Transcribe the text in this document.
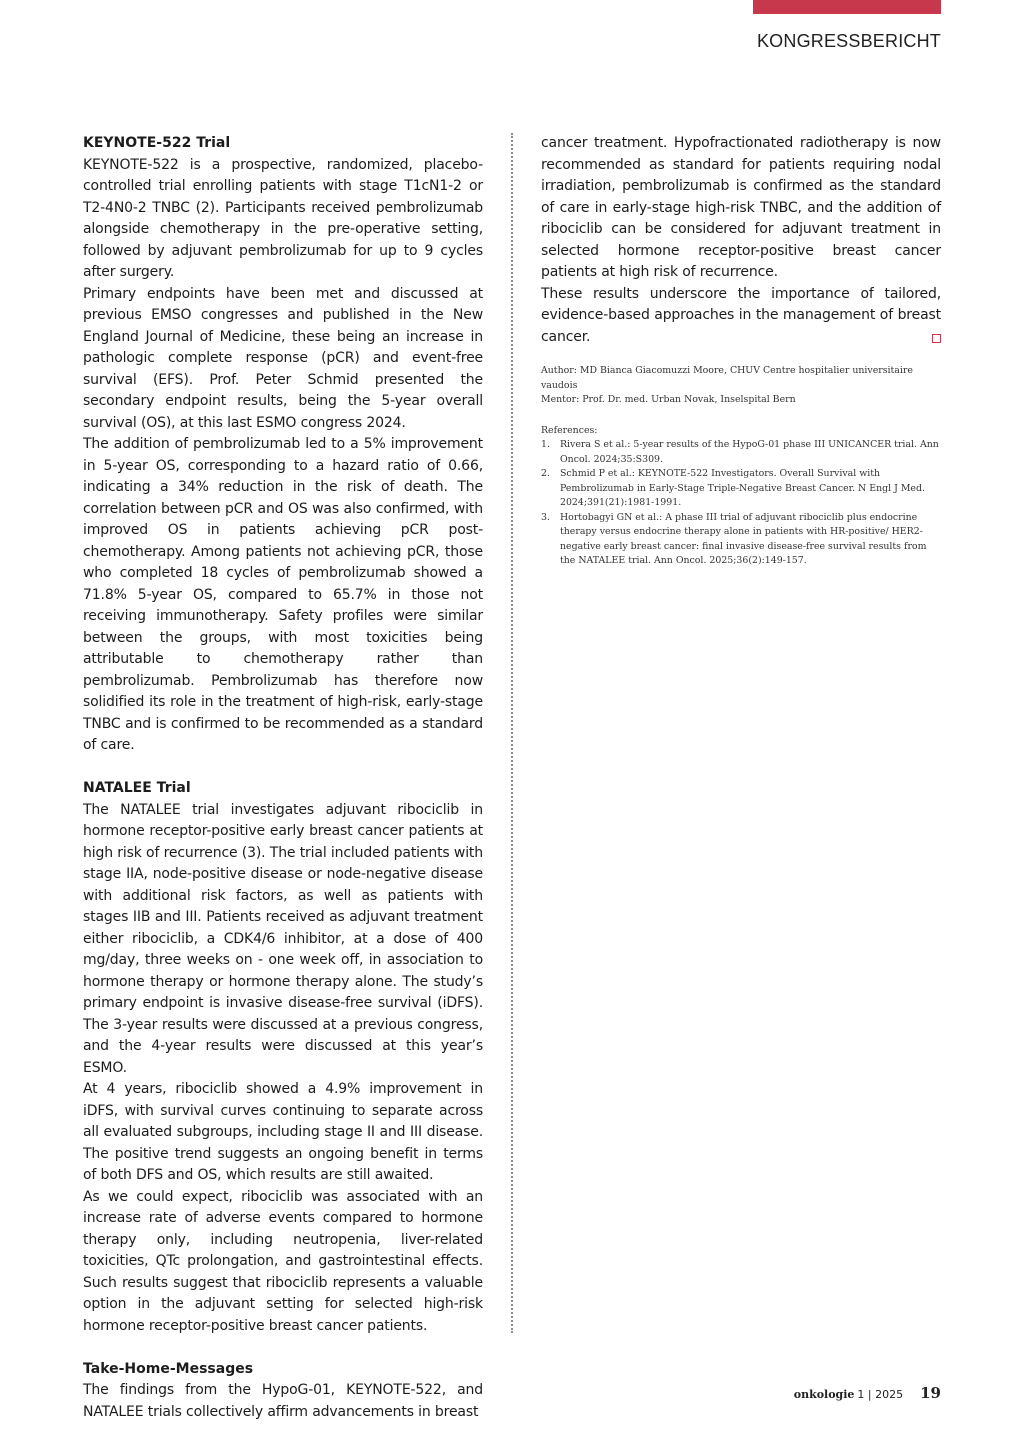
KONGRESSBERICHT
KEYNOTE-522 Trial

KEYNOTE-522 is a prospective, randomized, placebo-controlled trial enrolling patients with stage T1cN1-2 or T2-4N0-2 TNBC (2). Participants received pembrolizumab alongside chemotherapy in the pre-operative setting, followed by adjuvant pembrolizumab for up to 9 cycles after surgery.

Primary endpoints have been met and discussed at previous EMSO congresses and published in the New England Journal of Medicine, these being an increase in pathologic complete response (pCR) and event-free survival (EFS). Prof. Peter Schmid presented the secondary endpoint results, being the 5-year overall survival (OS), at this last ESMO congress 2024.

The addition of pembrolizumab led to a 5% improvement in 5-year OS, corresponding to a hazard ratio of 0.66, indicating a 34% reduction in the risk of death. The correlation between pCR and OS was also confirmed, with improved OS in patients achieving pCR post-chemotherapy. Among patients not achieving pCR, those who completed 18 cycles of pembrolizumab showed a 71.8% 5-year OS, compared to 65.7% in those not receiving immunotherapy. Safety profiles were similar between the groups, with most toxicities being attributable to chemotherapy rather than pembrolizumab. Pembrolizumab has therefore now solidified its role in the treatment of high-risk, early-stage TNBC and is confirmed to be recommended as a standard of care.

NATALEE Trial

The NATALEE trial investigates adjuvant ribociclib in hormone receptor-positive early breast cancer patients at high risk of recurrence (3). The trial included patients with stage IIA, node-positive disease or node-negative disease with additional risk factors, as well as patients with stages IIB and III. Patients received as adjuvant treatment either ribociclib, a CDK4/6 inhibitor, at a dose of 400 mg/day, three weeks on - one week off, in association to hormone therapy or hormone therapy alone. The study’s primary endpoint is invasive disease-free survival (iDFS). The 3-year results were discussed at a previous congress, and the 4-year results were discussed at this year’s ESMO.

At 4 years, ribociclib showed a 4.9% improvement in iDFS, with survival curves continuing to separate across all evaluated subgroups, including stage II and III disease. The positive trend suggests an ongoing benefit in terms of both DFS and OS, which results are still awaited.

As we could expect, ribociclib was associated with an increase rate of adverse events compared to hormone therapy only, including neutropenia, liver-related toxicities, QTc prolongation, and gastrointestinal effects. Such results suggest that ribociclib represents a valuable option in the adjuvant setting for selected high-risk hormone receptor-positive breast cancer patients.

Take-Home-Messages

The findings from the HypoG-01, KEYNOTE-522, and NATALEE trials collectively affirm advancements in breast

cancer treatment. Hypofractionated radiotherapy is now recommended as standard for patients requiring nodal irradiation, pembrolizumab is confirmed as the standard of care in early-stage high-risk TNBC, and the addition of ribociclib can be considered for adjuvant treatment in selected hormone receptor-positive breast cancer patients at high risk of recurrence.

These results underscore the importance of tailored, evidence-based approaches in the management of breast cancer.

Author: MD Bianca Giacomuzzi Moore, CHUV Centre hospitalier universitaire vaudois

Mentor: Prof. Dr. med. Urban Novak, Inselspital Bern

References:

1. Rivera S et al.: 5-year results of the HypoG-01 phase III UNICANCER trial. Ann Oncol. 2024;35:S309.
2. Schmid P et al.: KEYNOTE-522 Investigators. Overall Survival with Pembrolizumab in Early-Stage Triple-Negative Breast Cancer. N Engl J Med. 2024;391(21):1981-1991.
3. Hortobagyi GN et al.: A phase III trial of adjuvant ribociclib plus endocrine therapy versus endocrine therapy alone in patients with HR-positive/ HER2-negative early breast cancer: final invasive disease-free survival results from the NATALEE trial. Ann Oncol. 2025;36(2):149-157.
onkologie 1 | 2025 19
